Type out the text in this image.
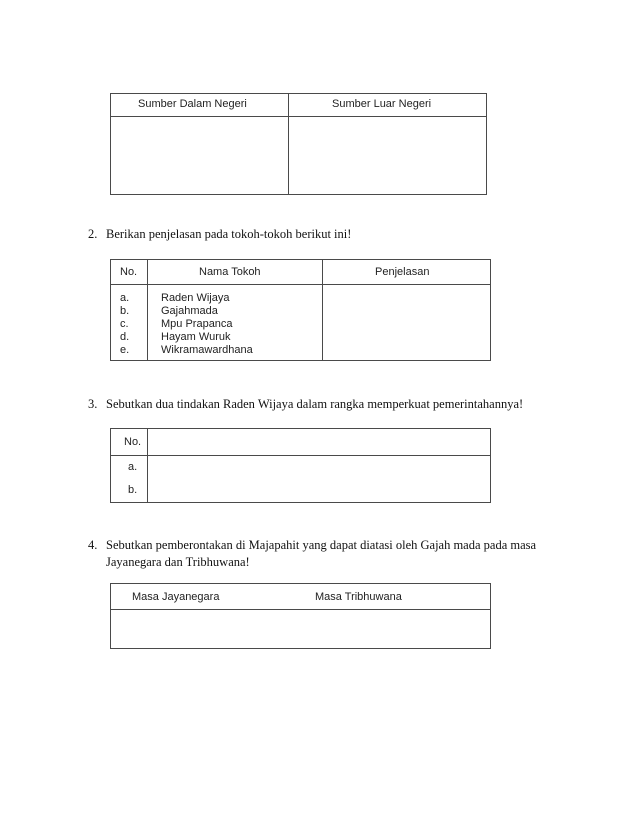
Sumber Dalam Negeri	Sumber Luar Negeri
2. Berikan penjelasan pada tokoh-tokoh berikut ini!
No.	Nama Tokoh	Penjelasan
a.	Raden Wijaya
b.	Gajahmada
c.	Mpu Prapanca
d.	Hayam Wuruk
e.	Wikramawardhana
3. Sebutkan dua tindakan Raden Wijaya dalam rangka memperkuat pemerintahannya!
No.
a.
b.
4. Sebutkan pemberontakan di Majapahit yang dapat diatasi oleh Gajah mada pada masa
Jayanegara dan Tribhuwana!
Masa Jayanegara	Masa Tribhuwana
